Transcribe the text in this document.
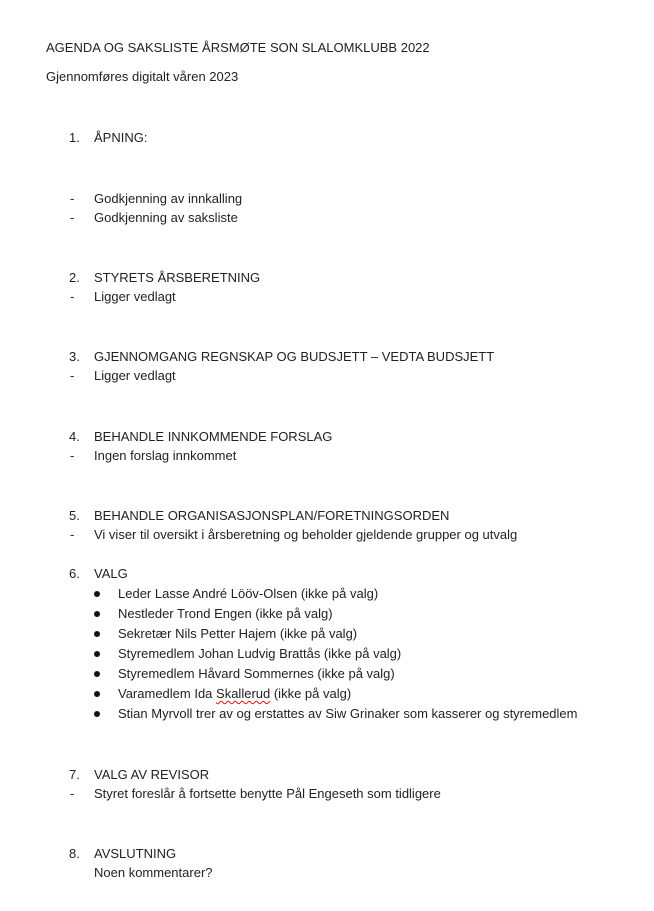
AGENDA OG SAKSLISTE ÅRSMØTE SON SLALOMKLUBB 2022
Gjennomføres digitalt våren 2023
1. ÅPNING:
- Godkjenning av innkalling
- Godkjenning av saksliste
2. STYRETS ÅRSBERETNING
- Ligger vedlagt
3. GJENNOMGANG REGNSKAP OG BUDSJETT – VEDTA BUDSJETT
- Ligger vedlagt
4. BEHANDLE INNKOMMENDE FORSLAG
- Ingen forslag innkommet
5. BEHANDLE ORGANISASJONSPLAN/FORETNINGSORDEN
- Vi viser til oversikt i årsberetning og beholder gjeldende grupper og utvalg
6. VALG
Leder Lasse André Lööv-Olsen (ikke på valg)
Nestleder Trond Engen (ikke på valg)
Sekretær Nils Petter Hajem (ikke på valg)
Styremedlem Johan Ludvig Brattås (ikke på valg)
Styremedlem Håvard Sommernes (ikke på valg)
Varamedlem Ida Skallerud (ikke på valg)
Stian Myrvoll trer av og erstattes av Siw Grinaker som kasserer og styremedlem
7. VALG AV REVISOR
- Styret foreslår å fortsette benytte Pål Engeseth som tidligere
8. AVSLUTNING
Noen kommentarer?
